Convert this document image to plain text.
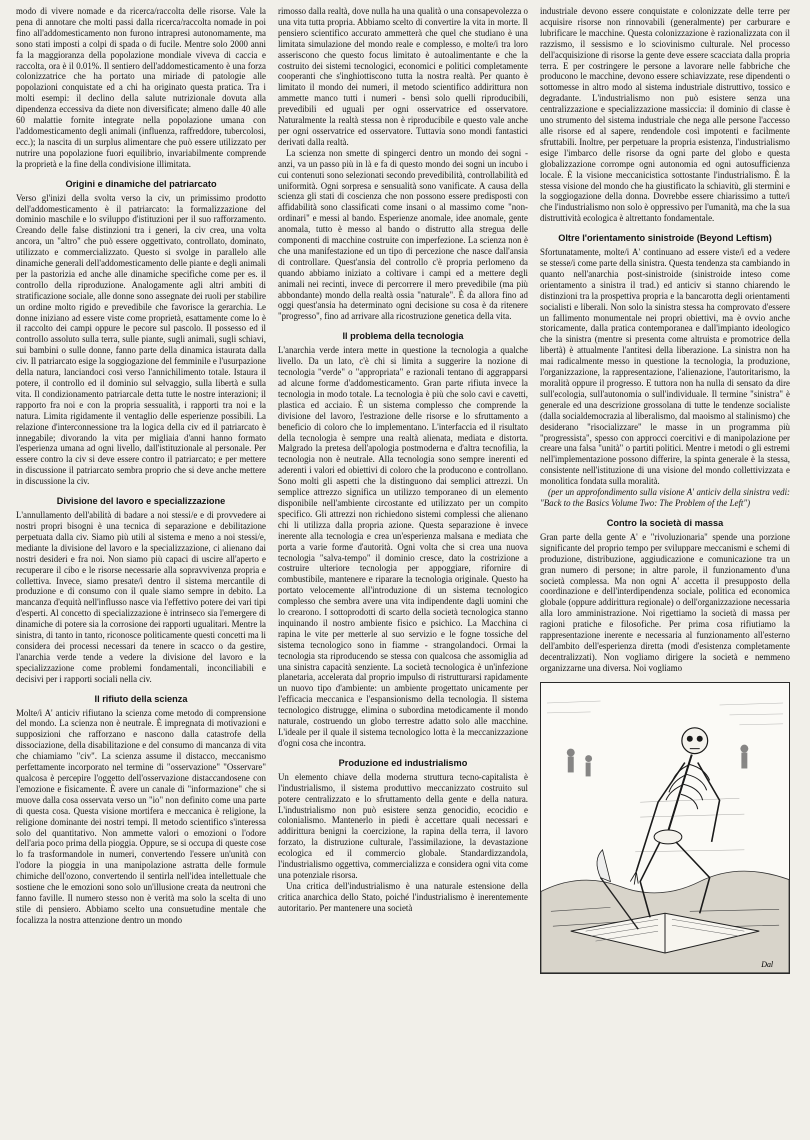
modo di vivere nomade e da ricerca/raccolta delle risorse. Vale la pena di annotare che molti passi dalla ricerca/raccolta nomade in poi fino all'addomesticamento non furono intrapresi autonomamente, ma sono stati imposti a colpi di spada o di fucile. Mentre solo 2000 anni fa la maggioranza della popolazione mondiale viveva di caccia e raccolta, ora è il 0.01%. Il sentiero dell'addomesticamento è una forza colonizzatrice che ha portato una miriade di patologie alle popolazioni conquistate ed a chi ha originato questa pratica. Tra i molti esempi: il declino della salute nutrizionale dovuta alla dipendenza eccessiva da diete non diversificate; almeno dalle 40 alle 60 malattie fornite integrate nella popolazione umana con l'addomesticamento degli animali (influenza, raffreddore, tubercolosi, ecc.); la nascita di un surplus alimentare che può essere utilizzato per nutrire una popolazione fuori equilibrio, invariabilmente comprende la proprietà e la fine della condivisione illimitata.

Origini e dinamiche del patriarcato

Verso gl'inizi della svolta verso la civ, un primissimo prodotto dell'addomesticamento è il patriarcato: la formalizzazione del dominio maschile e lo sviluppo d'istituzioni per il suo rafforzamento. Creando delle false distinzioni tra i generi, la civ crea, una volta ancora, un "altro" che può essere oggettivato, controllato, dominato, utilizzato e commercializzato. Questo si svolge in parallelo alle dinamiche generali dell'addomesticamento delle piante e degli animali per la pastorizia ed anche alle dinamiche specifiche come per es. il controllo della riproduzione. Analogamente agli altri ambiti di stratificazione sociale, alle donne sono assegnate dei ruoli per stabilire un ordine molto rigido e prevedibile che favorisce la gerarchia. Le donne iniziano ad essere viste come proprietà, esattamente come lo è il raccolto dei campi oppure le pecore sul pascolo. Il possesso ed il controllo assoluto sulla terra, sulle piante, sugli animali, sugli schiavi, sui bambini o sulle donne, fanno parte della dinamica istaurata dalla civ. Il patriarcato esige la soggiogazione del femminile e l'usurpazione della natura, lanciandoci così verso l'annichilimento totale. Istaura il potere, il controllo ed il dominio sul selvaggio, sulla libertà e sulla vita. Il condizionamento patriarcale detta tutte le nostre interazioni; il rapporto fra noi e con la propria sessualità, i rapporti tra noi e la natura. Limita rigidamente il ventaglio delle esperienze possibili. La relazione d'interconnessione tra la logica della civ ed il patriarcato è innegabile; divorando la vita per migliaia d'anni hanno formato l'esperienza umana ad ogni livello, dall'istituzionale al personale. Per essere contro la civ si deve essere contro il patriarcato; e per mettere in discussione il patriarcato sembra proprio che si deve anche mettere in discussione la civ.

Divisione del lavoro e specializzazione

L'annullamento dell'abilità di badare a noi stessi/e e di provvedere ai nostri propri bisogni è una tecnica di separazione e debilitazione perpetuata dalla civ. Siamo più utili al sistema e meno a noi stessi/e, mediante la divisione del lavoro e la specializzazione, ci alienano dai nostri desideri e fra noi. Non siamo più capaci di uscire all'aperto e recuperare il cibo e le risorse necessarie alla sopravvivenza propria e collettiva. Invece, siamo presate/i dentro il sistema mercantile di produzione e di consumo con il quale siamo sempre in debito. La mancanza d'equità nell'influsso nasce via l'effettivo potere dei vari tipi d'esperti. Al concetto di specializzazione è intrinseco sia l'emergere di dinamiche di potere sia la corrosione dei rapporti ugualitari. Mentre la sinistra, di tanto in tanto, riconosce politicamente questi concetti ma li considera dei processi necessari da tenere in scacco o da gestire, l'anarchia verde tende a vedere la divisione del lavoro e la specializzazione come problemi fondamentali, inconciliabili e decisivi per i rapporti sociali nella civ.

Il rifiuto della scienza

Molte/i A' anticiv rifiutano la scienza come metodo di comprensione del mondo. La scienza non è neutrale. È impregnata di motivazioni e supposizioni che rafforzano e nascono dalla catastrofe della dissociazione, della disabilitazione e del consumo di mancanza di vita che chiamiamo "civ". La scienza assume il distacco, meccanismo perfettamente incorporato nel termine di "osservazione" "Osservare" qualcosa è percepire l'oggetto dell'osservazione distaccandosene con l'emozione e fisicamente. È avere un canale di "informazione" che si muove dalla cosa osservata verso un "io" non definito come una parte di questa cosa. Questa visione mortifera e meccanica è religione, la religione dominante dei nostri tempi. Il metodo scientifico s'interessa solo del quantitativo. Non ammette valori o emozioni o l'odore dell'aria poco prima della pioggia. Oppure, se si occupa di queste cose lo fa trasformandole in numeri, convertendo l'essere un'unità con l'odore la pioggia in una manipolazione astratta delle formule chimiche dell'ozono, convertendo il sentirla nell'idea intellettuale che sostiene che le emozioni sono solo un'illusione creata da neutroni che fanno faville. Il numero stesso non è verità ma solo la scelta di uno stile di pensiero. Abbiamo scelto una consuetudine mentale che focalizza la nostra attenzione dentro un mondo

rimosso dalla realtà, dove nulla ha una qualità o una consapevolezza o una vita tutta propria. Abbiamo scelto di convertire la vita in morte. Il pensiero scientifico accurato ammetterà che quel che studiano è una limitata simulazione del mondo reale e complesso, e molte/i tra loro asseriscono che questo focus limitato è autoalimentante e che la costruito dei sistemi tecnologici, economici e politici completamente cooperanti che s'inghiottiscono tutta la nostra realtà. Per quanto è limitato il mondo dei numeri, il metodo scientifico addirittura non ammette manco tutti i numeri - bensì solo quelli riproducibili, prevedibili ed uguali per ogni osservatrice ed osservatore. Naturalmente la realtà stessa non è riproducibile e questo vale anche per ogni osservatrice ed osservatore. Tuttavia sono mondi fantastici derivati dalla realtà.

La scienza non smette di spingerci dentro un mondo dei sogni - anzi, va un passo più in là e fa di questo mondo dei sogni un incubo i cui contenuti sono selezionati secondo prevedibilità, controllabilità ed uniformità. Ogni sorpresa e sensualità sono vanificate. A causa della scienza gli stati di coscienza che non possono essere predisposti con affidabilità sono classificati come insani o al massimo come "non-ordinari" e messi al bando. Esperienze anomale, idee anomale, gente anomala, tutto è messo al bando o distrutto alla stregua delle componenti di macchine costruite con imperfezione. La scienza non è che una manifestazione ed un tipo di percezione che nasce dall'ansia di controllare. Quest'ansia del controllo c'è propria perlomeno da quando abbiamo iniziato a coltivare i campi ed a mettere degli animali nei recinti, invece di percorrere il mero prevedibile (ma più abbondante) mondo della realtà ossia "naturale". È da allora fino ad oggi quest'ansia ha determinato ogni decisione su cosa è da ritenere "progresso", fino ad arrivare alla ricostruzione genetica della vita.

Il problema della tecnologia

L'anarchia verde intera mette in questione la tecnologia a qualche livello. Da un lato, c'è chi si limita a suggerire la nozione di tecnologia "verde" o "appropriata" e razionali tentano di aggrapparsi ad alcune forme d'addomesticamento. Gran parte rifiuta invece la tecnologia in modo totale. La tecnologia è più che solo cavi e cavetti, plastica ed acciaio. È un sistema complesso che comprende la divisione del lavoro, l'estrazione delle risorse e lo sfruttamento a beneficio di coloro che lo implementano. L'interfaccia ed il risultato della tecnologia è sempre una realtà alienata, mediata e distorta. Malgrado la pretesa dell'apologia postmoderna e d'altra tecnofilia, la tecnologia non è neutrale. Alla tecnologia sono sempre inerenti ed aderenti i valori ed obiettivi di coloro che la producono e controllano. Sono molti gli aspetti che la distinguono dai semplici attrezzi. Un semplice attrezzo significa un utilizzo temporaneo di un elemento disponibile nell'ambiente circostante ed utilizzato per un compito specifico. Gli attrezzi non richiedono sistemi complessi che alienano chi li utilizza dalla propria azione. Questa separazione è invece inerente alla tecnologia e crea un'esperienza malsana e mediata che porta a varie forme d'autorità. Ogni volta che si crea una nuova tecnologia "salva-tempo" il dominio cresce, dato la costrizione a costruire ulteriore tecnologia per appoggiare, rifornire di combustibile, mantenere e riparare la tecnologia originale. Questo ha portato velocemente all'introduzione di un sistema tecnologico complesso che sembra avere una vita indipendente dagli uomini che lo crearono. I sottoprodotti di scarto della società tecnologica stanno inquinando il nostro ambiente fisico e psichico. La Macchina ci rapina le vite per metterle al suo servizio e le fogne tossiche del sistema tecnologico sono in fiamme - strangolandoci. Ormai la tecnologia sta riproducendo se stessa con qualcosa che assomiglia ad una sinistra capacità senziente. La società tecnologica è un'infezione planetaria, accelerata dal proprio impulso di ristrutturarsi rapidamente un nuovo tipo d'ambiente: un ambiente progettato unicamente per l'efficacia meccanica e l'espansionismo della tecnologia. Il sistema tecnologico distrugge, elimina o subordina metodicamente il mondo naturale, costruendo un globo terrestre adatto solo alle macchine. L'ideale per il quale il sistema tecnologico lotta è la meccanizzazione d'ogni cosa che incontra.

Produzione ed industrialismo

Un elemento chiave della moderna struttura tecno-capitalista è l'industrialismo, il sistema produttivo meccanizzato costruito sul potere centralizzato e lo sfruttamento della gente e della natura. L'industrialismo non può esistere senza genocidio, ecocidio e colonialismo. Mantenerlo in piedi è accettare quali necessari e addirittura benigni la coercizione, la rapina della terra, il lavoro forzato, la distruzione culturale, l'assimilazione, la devastazione ecologica ed il commercio globale. Standardizzandola, l'industrialismo oggettiva, commercializza e considera ogni vita come una potenziale risorsa.

Una critica dell'industrialismo è una naturale estensione della critica anarchica dello Stato, poiché l'industrialismo è inerentemente autoritario. Per mantenere una società

industriale devono essere conquistate e colonizzate delle terre per acquisire risorse non rinnovabili (generalmente) per carburare e lubrificare le macchine. Questa colonizzazione è razionalizzata con il razzismo, il sessismo e lo sciovinismo culturale. Nel processo dell'acquisizione di risorse la gente deve essere scacciata dalla propria terra. E per costringere le persone a lavorare nelle fabbriche che producono le macchine, devono essere schiavizzate, rese dipendenti o sottomesse in altro modo al sistema industriale distruttivo, tossico e degradante. L'industrialismo non può esistere senza una centralizzazione e specializzazione massiccia: il dominio di classe è uno strumento del sistema industriale che nega alle persone l'accesso alle risorse ed al sapere, rendendole così impotenti e facilmente sfruttabili. Inoltre, per perpetuare la propria esistenza, l'industrialismo esige l'imbarco delle risorse da ogni parte del globo e questa globalizzazione corrompe ogni autonomia ed ogni autosufficienza locale. È la visione meccanicistica sottostante l'industrialismo. È la stessa visione del mondo che ha giustificato la schiavitù, gli stermini e la soggiogazione della donna. Dovrebbe essere chiarissimo a tutte/i che l'industrialismo non solo è oppressivo per l'umanità, ma che la sua distruttività ecologica è altrettanto fondamentale.

Oltre l'orientamento sinistroide (Beyond Leftism)

Sfortunatamente, molte/i A' continuano ad essere viste/i ed a vedere se stesse/i come parte della sinistra. Questa tendenza sta cambiando in quanto nell'anarchia post-sinistroide (sinistroide inteso come orientamento a sinistra il trad.) ed anticiv si stanno chiarendo le distinzioni tra la prospettiva propria e la bancarotta degli orientamenti socialisti e liberali. Non solo la sinistra stessa ha comprovato d'essere un fallimento monumentale nei propri obiettivi, ma è ovvio anche storicamente, dalla pratica contemporanea e dall'impianto ideologico che la sinistra (mentre si presenta come altruista e promotrice della libertà) è attualmente l'antitesi della liberazione. La sinistra non ha mai radicalmente messo in questione la tecnologia, la produzione, l'organizzazione, la rappresentazione, l'alienazione, l'autoritarismo, la moralità oppure il progresso. E tuttora non ha nulla di sensato da dire sull'ecologia, sull'autonomia o sull'individuale. Il termine "sinistra" è generale ed una descrizione grossolana di tutte le tendenze socialiste (dalla socialdemocrazia al liberalismo, dal maoismo al stalinismo) che desiderano "risocializzare" le masse in un programma più "progressista", spesso con approcci coercitivi e di manipolazione per creare una falsa "unità" o partiti politici. Mentre i metodi o gli estremi nell'implementazione possono differire, la spinta generale è la stessa, consistente nell'istituzione di una visione del mondo collettivizzata e monolitica fondata sulla moralità.

(per un approfondimento sulla visione A' anticiv della sinistra vedi: "Back to the Basics Volume Two: The Problem of the Left")

Contro la società di massa

Gran parte della gente A' e "rivoluzionaria" spende una porzione significante del proprio tempo per sviluppare meccanismi e schemi di produzione, distribuzione, aggiudicazione e comunicazione tra un gran numero di persone; in altre parole, il funzionamento d'una società complessa. Ma non ogni A' accetta il presupposto della coordinazione e dell'interdipendenza sociale, politica ed economica globale (oppure addirittura regionale) o dell'organizzazione necessaria alla loro amministrazione. Noi rigettiamo la società di massa per ragioni pratiche e filosofiche. Per prima cosa rifiutiamo la rappresentazione inerente e necessaria al funzionamento all'esterno dell'ambito dell'esperienza diretta (modi d'esistenza completamente decentralizzati). Non vogliamo dirigere la società e nemmeno organizzarne una diversa. Noi vogliamo

Dal
